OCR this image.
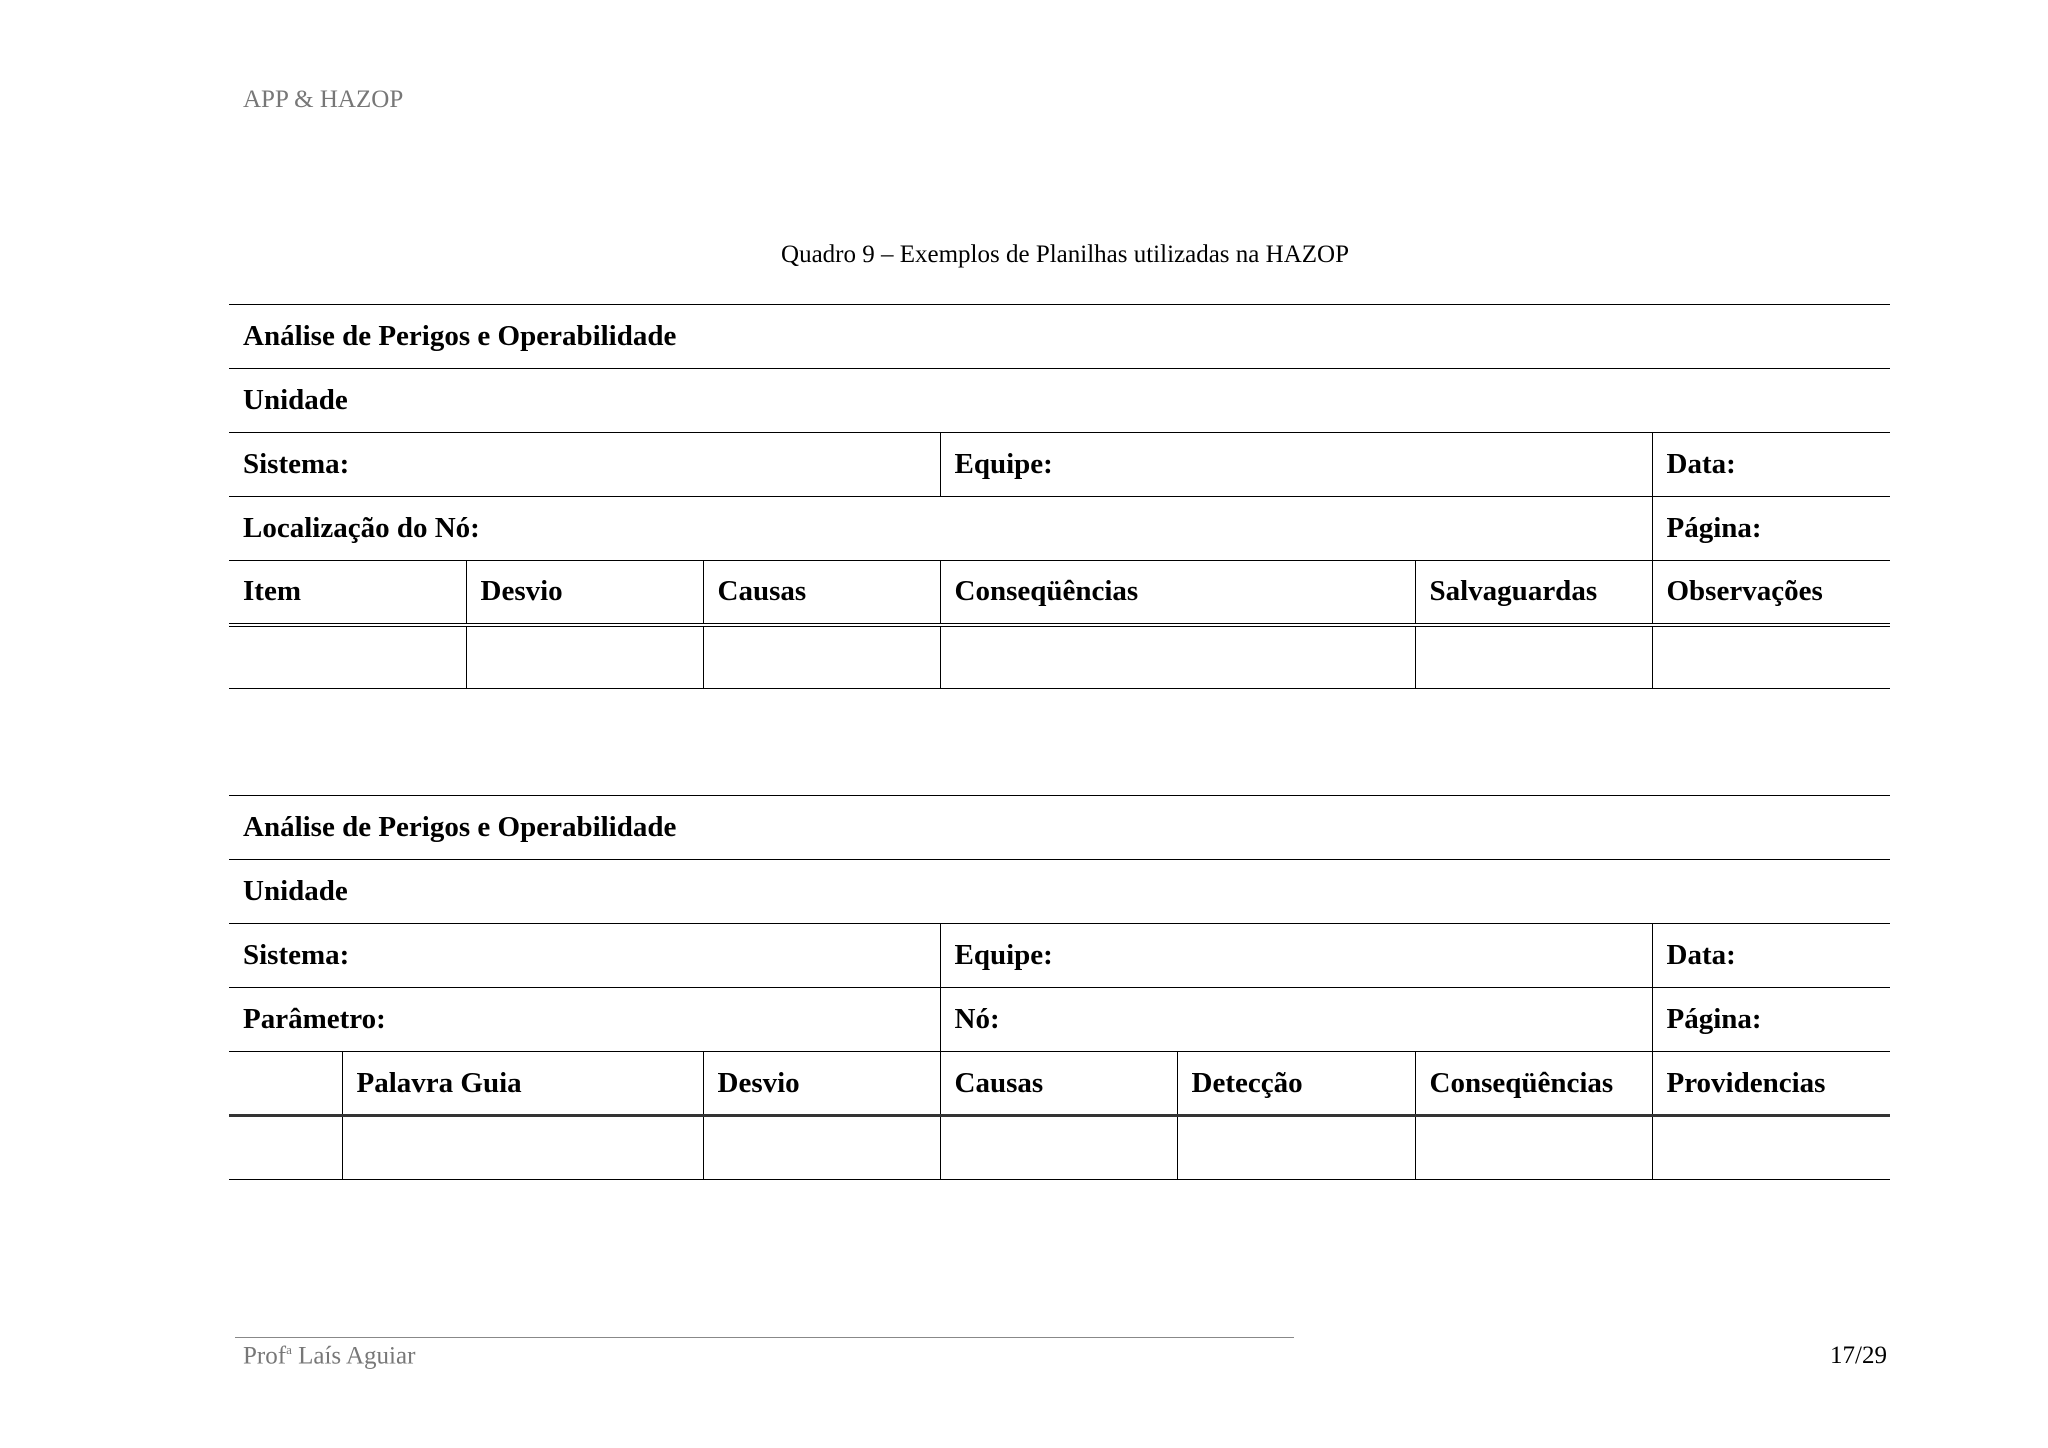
APP & HAZOP
Quadro 9 – Exemplos de Planilhas utilizadas na HAZOP
Análise de Perigos e Operabilidade					
Unidade					
Sistema:			Equipe:		Data:
Localização do Nó:					Página:
Item	Desvio	Causas	Conseqüências	Salvaguardas	Observações

Análise de Perigos e Operabilidade						
Unidade						
Sistema:			Equipe:			Data:
Parâmetro:			Nó:			Página:
	Palavra Guia	Desvio	Causas	Detecção	Conseqüências	Providencias

Prof$^a$ Laís Aguiar	17/29
